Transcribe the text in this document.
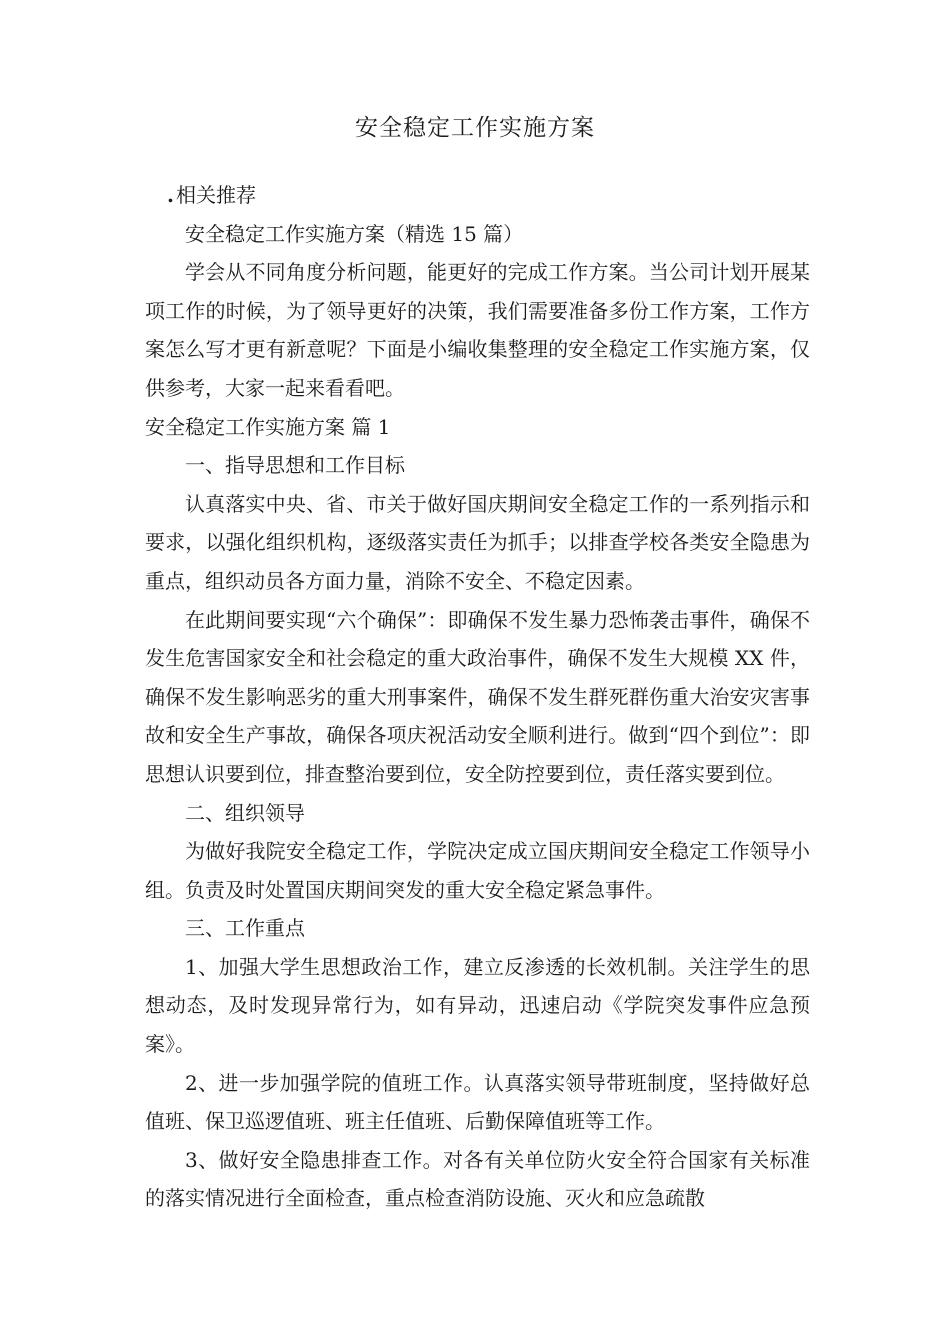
安全稳定工作实施方案

. 相关推荐

安全稳定工作实施方案（精选 15 篇）

学会从不同角度分析问题，能更好的完成工作方案。当公司计划开展某项工作的时候，为了领导更好的决策，我们需要准备多份工作方案，工作方案怎么写才更有新意呢？下面是小编收集整理的安全稳定工作实施方案，仅供参考，大家一起来看看吧。

安全稳定工作实施方案 篇 1

一、指导思想和工作目标

认真落实中央、省、市关于做好国庆期间安全稳定工作的一系列指示和要求，以强化组织机构，逐级落实责任为抓手；以排查学校各类安全隐患为重点，组织动员各方面力量，消除不安全、不稳定因素。

在此期间要实现“六个确保”：即确保不发生暴力恐怖袭击事件，确保不发生危害国家安全和社会稳定的重大政治事件，确保不发生大规模 XX 件，确保不发生影响恶劣的重大刑事案件，确保不发生群死群伤重大治安灾害事故和安全生产事故，确保各项庆祝活动安全顺利进行。做到“四个到位”：即思想认识要到位，排查整治要到位，安全防控要到位，责任落实要到位。

二、组织领导

为做好我院安全稳定工作，学院决定成立国庆期间安全稳定工作领导小组。负责及时处置国庆期间突发的重大安全稳定紧急事件。

三、工作重点

1、加强大学生思想政治工作，建立反渗透的长效机制。关注学生的思想动态，及时发现异常行为，如有异动，迅速启动《学院突发事件应急预案》。

2、进一步加强学院的值班工作。认真落实领导带班制度，坚持做好总值班、保卫巡逻值班、班主任值班、后勤保障值班等工作。

3、做好安全隐患排查工作。对各有关单位防火安全符合国家有关标准的落实情况进行全面检查，重点检查消防设施、灭火和应急疏散
